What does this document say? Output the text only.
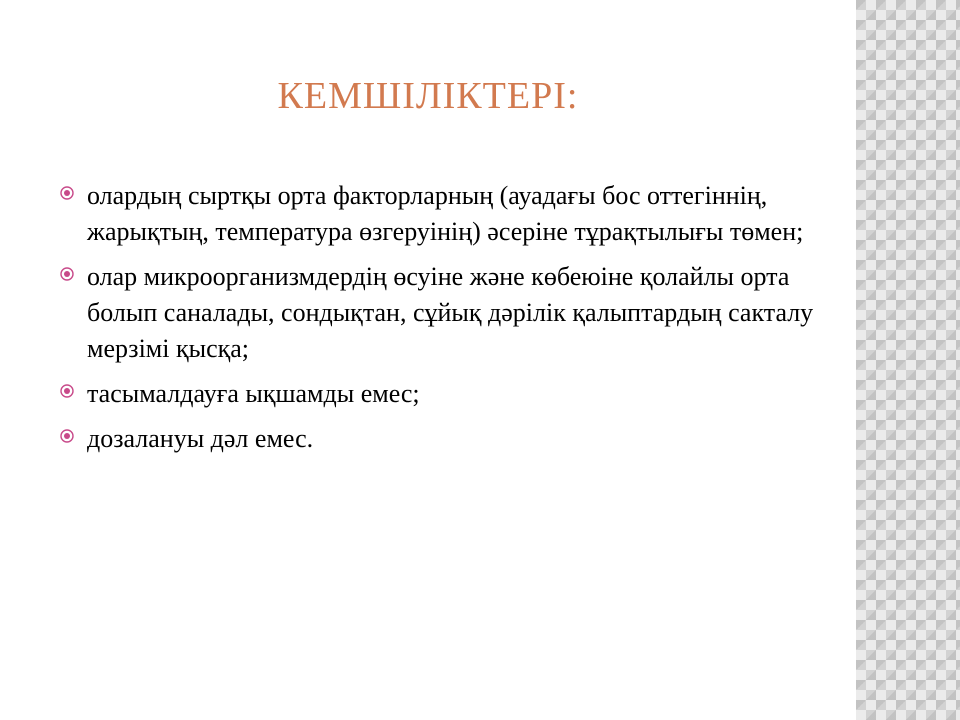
КЕМШІЛІКТЕРІ:
олардың сыртқы орта факторларның (ауадағы бос оттегіннің, жарықтың, температура өзгеруінің) әсеріне тұрақтылығы төмен;
олар микроорганизмдердің өсуіне және көбеюіне қолайлы орта болып саналады, сондықтан, сұйық дәрілік қалыптардың сакталу мерзімі қысқа;
тасымалдауға ықшамды емес;
дозалануы дәл емес.
